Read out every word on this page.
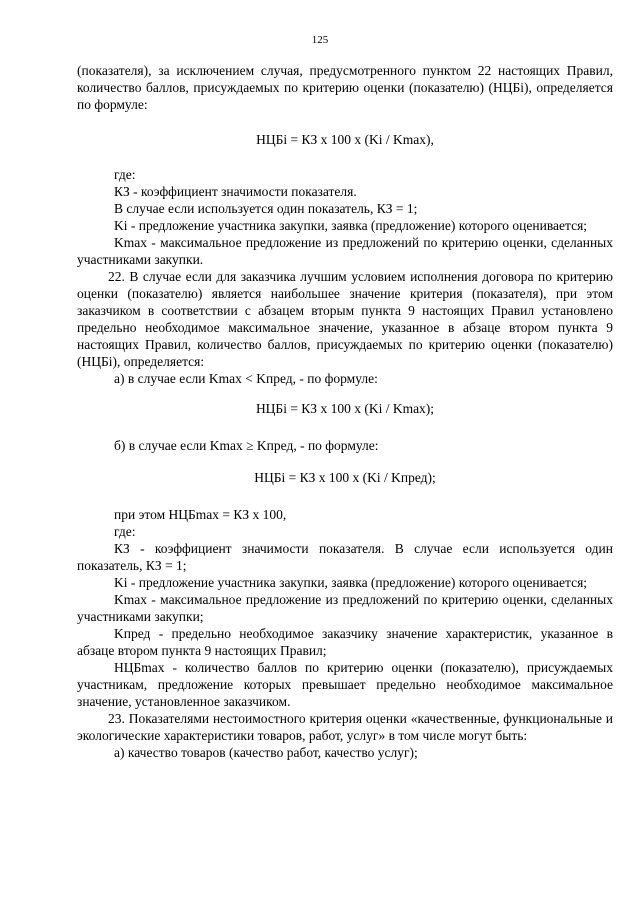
125

(показателя), за исключением случая, предусмотренного пунктом 22 настоящих Правил, количество баллов, присуждаемых по критерию оценки (показателю) (НЦБi), определяется по формуле:

НЦБi = КЗ x 100 x (Ki / Kmax),

где:

КЗ - коэффициент значимости показателя.

В случае если используется один показатель, КЗ = 1;

Ki - предложение участника закупки, заявка (предложение) которого оценивается;

Kmax - максимальное предложение из предложений по критерию оценки, сделанных участниками закупки.

22. В случае если для заказчика лучшим условием исполнения договора по критерию оценки (показателю) является наибольшее значение критерия (показателя), при этом заказчиком в соответствии с абзацем вторым пункта 9 настоящих Правил установлено предельно необходимое максимальное значение, указанное в абзаце втором пункта 9 настоящих Правил, количество баллов, присуждаемых по критерию оценки (показателю) (НЦБi), определяется:

а) в случае если Kmax < Kпред, - по формуле:

НЦБi = КЗ x 100 x (Ki / Kmax);

б) в случае если Kmax ≥ Kпред, - по формуле:

НЦБi = КЗ x 100 x (Ki / Kпред);

при этом НЦБmax = КЗ x 100,

где:

КЗ - коэффициент значимости показателя. В случае если используется один показатель, КЗ = 1;

Ki - предложение участника закупки, заявка (предложение) которого оценивается;

Kmax - максимальное предложение из предложений по критерию оценки, сделанных участниками закупки;

Kпред - предельно необходимое заказчику значение характеристик, указанное в абзаце втором пункта 9 настоящих Правил;

НЦБmax - количество баллов по критерию оценки (показателю), присуждаемых участникам, предложение которых превышает предельно необходимое максимальное значение, установленное заказчиком.

23. Показателями нестоимостного критерия оценки «качественные, функциональные и экологические характеристики товаров, работ, услуг» в том числе могут быть:

а) качество товаров (качество работ, качество услуг);
